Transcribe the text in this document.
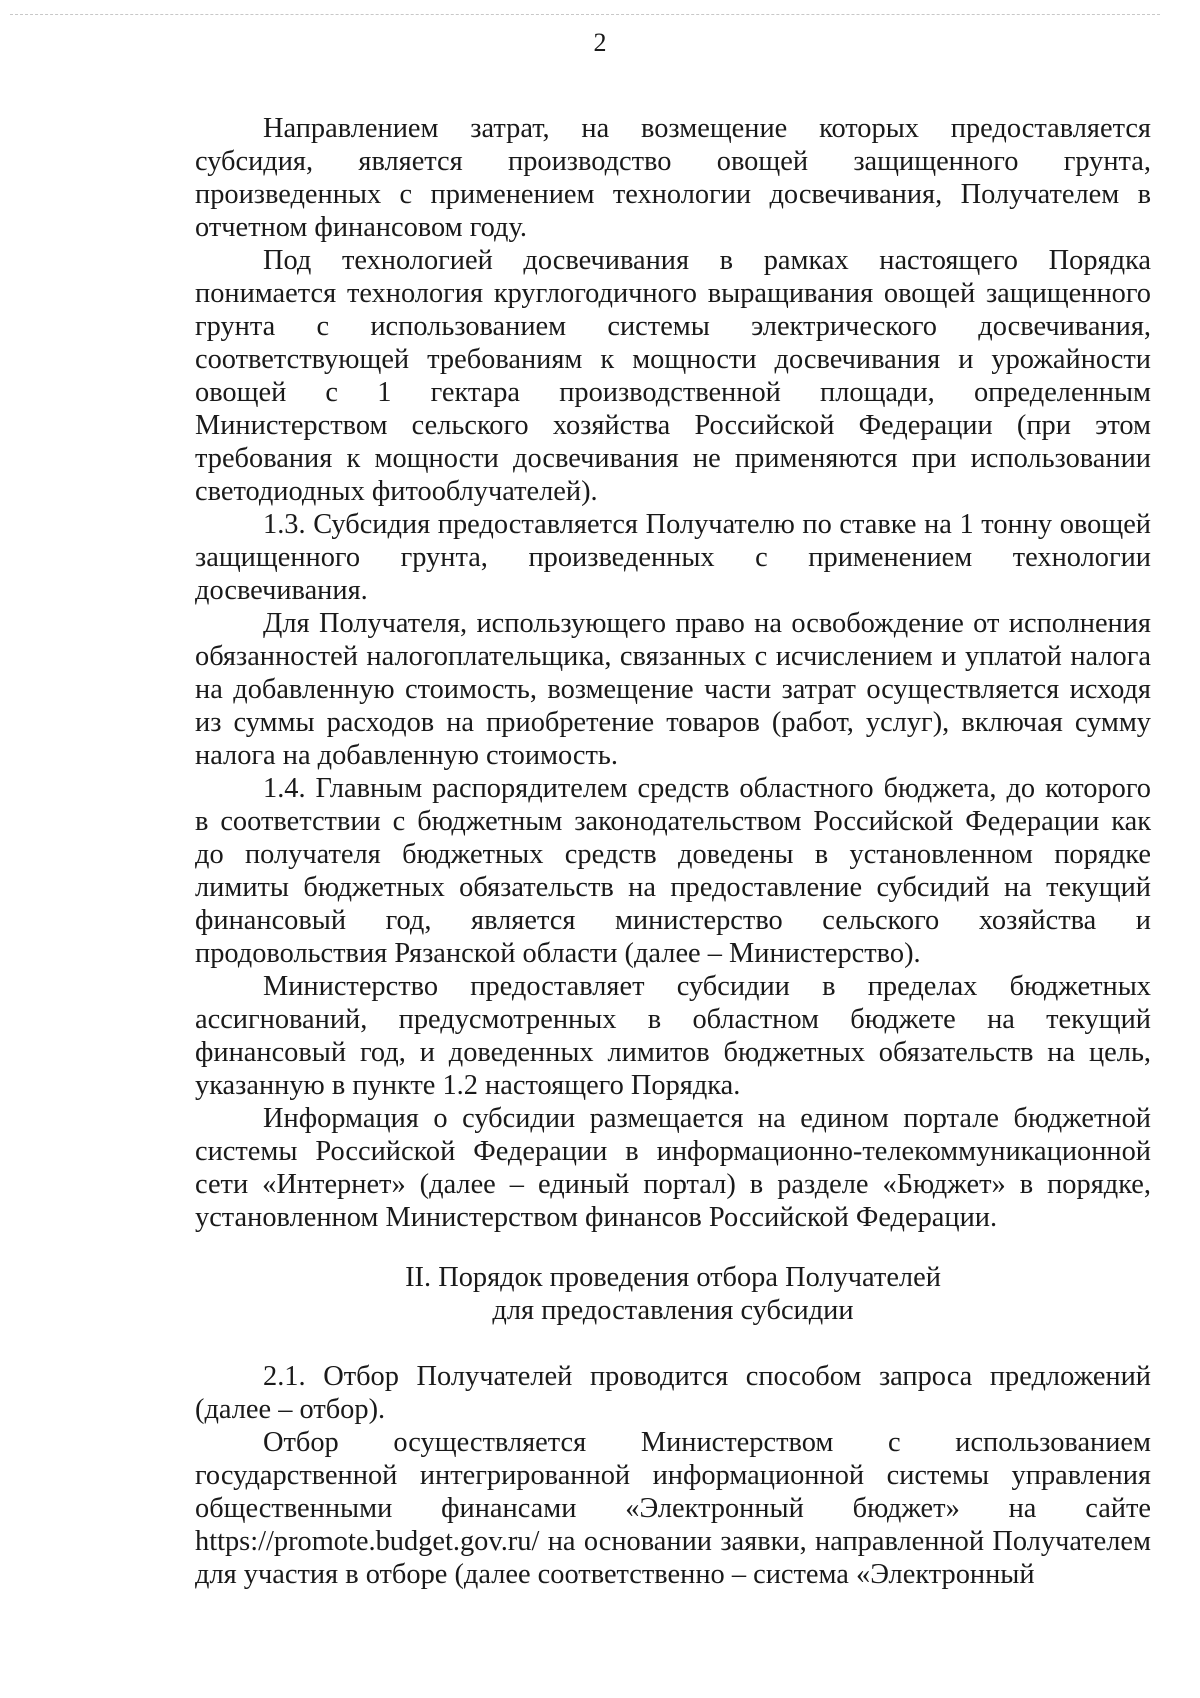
2

Направлением затрат, на возмещение которых предоставляется субсидия, является производство овощей защищенного грунта, произведенных с применением технологии досвечивания, Получателем в отчетном финансовом году.

Под технологией досвечивания в рамках настоящего Порядка понимается технология круглогодичного выращивания овощей защищенного грунта с использованием системы электрического досвечивания, соответствующей требованиям к мощности досвечивания и урожайности овощей с 1 гектара производственной площади, определенным Министерством сельского хозяйства Российской Федерации (при этом требования к мощности досвечивания не применяются при использовании светодиодных фитооблучателей).

1.3. Субсидия предоставляется Получателю по ставке на 1 тонну овощей защищенного грунта, произведенных с применением технологии досвечивания.

Для Получателя, использующего право на освобождение от исполнения обязанностей налогоплательщика, связанных с исчислением и уплатой налога на добавленную стоимость, возмещение части затрат осуществляется исходя из суммы расходов на приобретение товаров (работ, услуг), включая сумму налога на добавленную стоимость.

1.4. Главным распорядителем средств областного бюджета, до которого в соответствии с бюджетным законодательством Российской Федерации как до получателя бюджетных средств доведены в установленном порядке лимиты бюджетных обязательств на предоставление субсидий на текущий финансовый год, является министерство сельского хозяйства и продовольствия Рязанской области (далее – Министерство).

Министерство предоставляет субсидии в пределах бюджетных ассигнований, предусмотренных в областном бюджете на текущий финансовый год, и доведенных лимитов бюджетных обязательств на цель, указанную в пункте 1.2 настоящего Порядка.

Информация о субсидии размещается на едином портале бюджетной системы Российской Федерации в информационно-телекоммуникационной сети «Интернет» (далее – единый портал) в разделе «Бюджет» в порядке, установленном Министерством финансов Российской Федерации.

II. Порядок проведения отбора Получателей
для предоставления субсидии

2.1. Отбор Получателей проводится способом запроса предложений (далее – отбор).

Отбор осуществляется Министерством с использованием государственной интегрированной информационной системы управления общественными финансами «Электронный бюджет» на сайте https://promote.budget.gov.ru/ на основании заявки, направленной Получателем для участия в отборе (далее соответственно – система «Электронный
